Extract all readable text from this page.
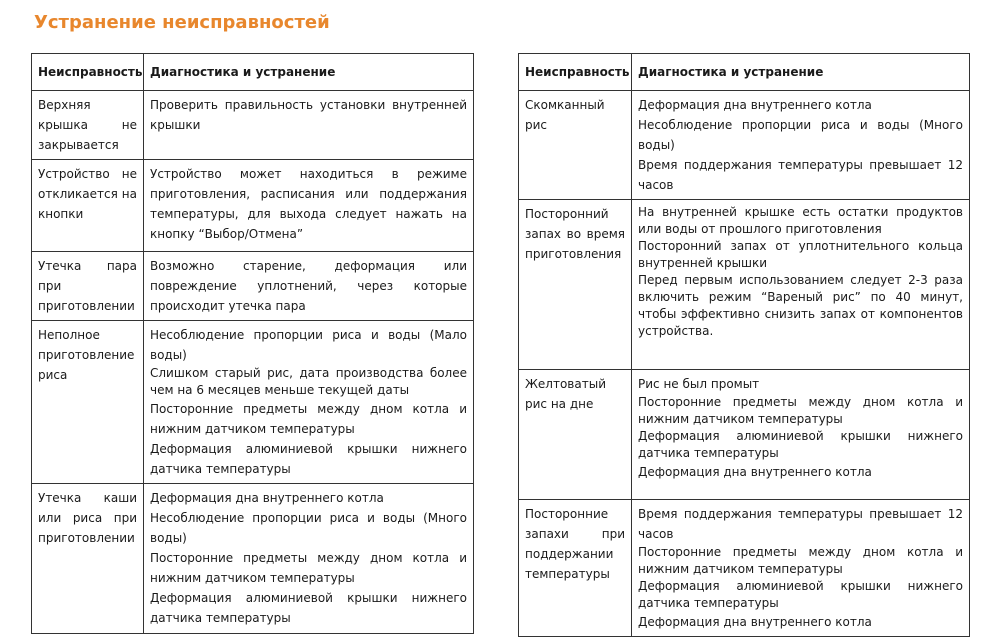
Устранение неисправностей
Неисправность	Диагностика и устранение
Верхняя крышка не закрывается	Проверить правильность установки внутренней крышки

Устройство не откликается на кнопки	Устройство может находиться в режиме приготовления, расписания или поддержания температуры, для выхода следует нажать на кнопку “Выбор/Отмена”

Утечка пара при приготовлении	Возможно старение, деформация или повреждение уплотнений, через которые происходит утечка пара

Неполное приготовление риса	Несоблюдение пропорции риса и воды (Мало воды)

Слишком старый рис, дата производства более чем на 6 месяцев меньше текущей даты

Посторонние предметы между дном котла и нижним датчиком температуры

Деформация алюминиевой крышки нижнего датчика температуры

Утечка каши или риса при приготовлении	Деформация дна внутреннего котла

Несоблюдение пропорции риса и воды (Много воды)

Посторонние предметы между дном котла и нижним датчиком температуры

Деформация алюминиевой крышки нижнего датчика температуры

Неисправность	Диагностика и устранение
Скомканный рис	Деформация дна внутреннего котла

Несоблюдение пропорции риса и воды (Много воды)

Время поддержания температуры превышает 12 часов

Посторонний запах во время приготовления	На внутренней крышке есть остатки продуктов или воды от прошлого приготовления

Посторонний запах от уплотнительного кольца внутренней крышки

Перед первым использованием следует 2-3 раза включить режим “Вареный рис” по 40 минут, чтобы эффективно снизить запах от компонентов устройства.

Желтоватый рис на дне	Рис не был промыт

Посторонние предметы между дном котла и нижним датчиком температуры

Деформация алюминиевой крышки нижнего датчика температуры

Деформация дна внутреннего котла

Посторонние запахи при поддержании температуры	Время поддержания температуры превышает 12 часов

Посторонние предметы между дном котла и нижним датчиком температуры

Деформация алюминиевой крышки нижнего датчика температуры

Деформация дна внутреннего котла
